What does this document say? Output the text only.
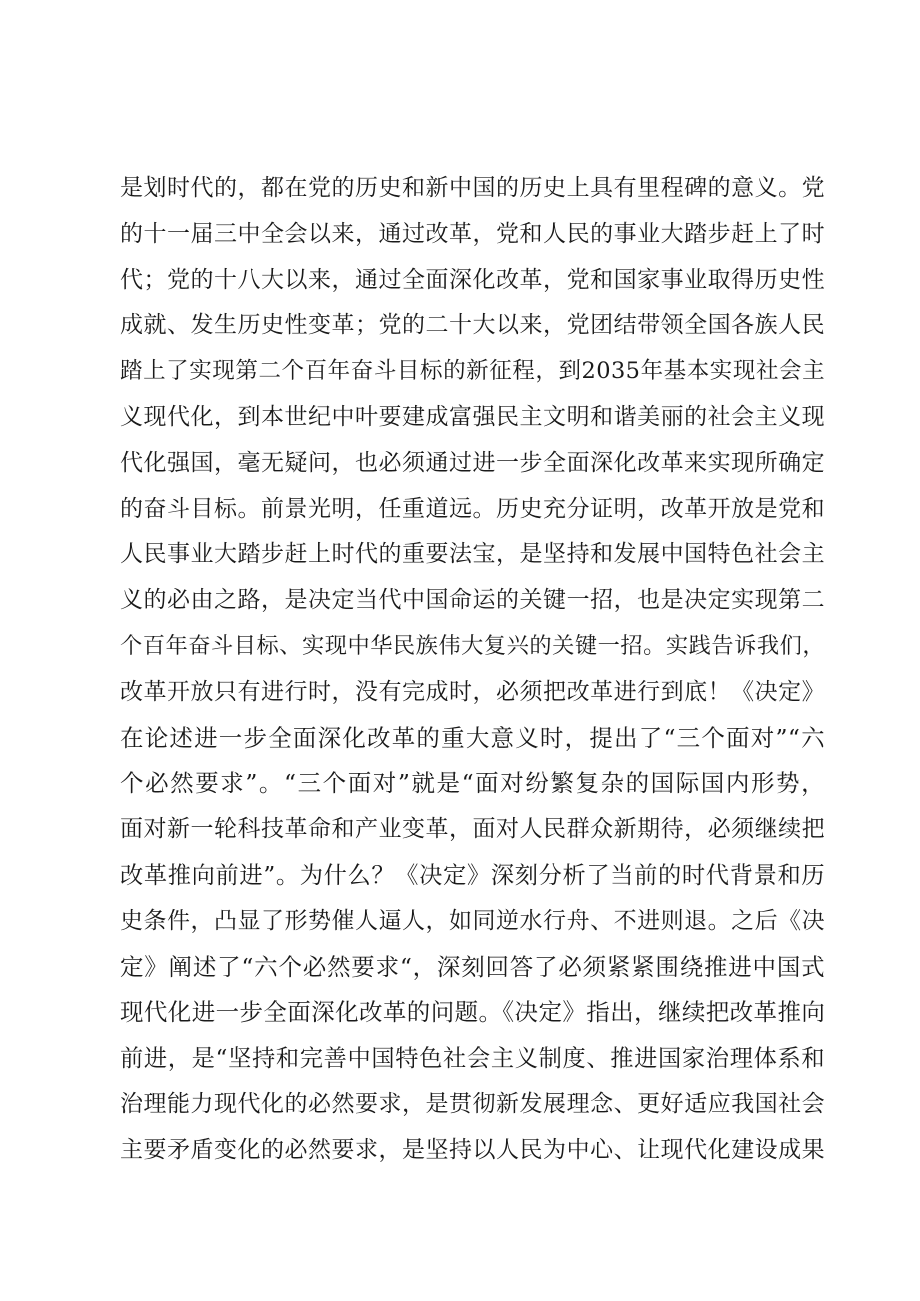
是划时代的，都在党的历史和新中国的历史上具有里程碑的意义。党
的十一届三中全会以来，通过改革，党和人民的事业大踏步赶上了时
代；党的十八大以来，通过全面深化改革，党和国家事业取得历史性
成就、发生历史性变革；党的二十大以来，党团结带领全国各族人民
踏上了实现第二个百年奋斗目标的新征程，到2035年基本实现社会主
义现代化，到本世纪中叶要建成富强民主文明和谐美丽的社会主义现
代化强国，毫无疑问，也必须通过进一步全面深化改革来实现所确定
的奋斗目标。前景光明，任重道远。历史充分证明，改革开放是党和
人民事业大踏步赶上时代的重要法宝，是坚持和发展中国特色社会主
义的必由之路，是决定当代中国命运的关键一招，也是决定实现第二
个百年奋斗目标、实现中华民族伟大复兴的关键一招。实践告诉我们，
改革开放只有进行时，没有完成时，必须把改革进行到底！《决定》
在论述进一步全面深化改革的重大意义时，提出了“三个面对”“六
个必然要求”。“三个面对”就是“面对纷繁复杂的国际国内形势，
面对新一轮科技革命和产业变革，面对人民群众新期待，必须继续把
改革推向前进”。为什么？《决定》深刻分析了当前的时代背景和历
史条件，凸显了形势催人逼人，如同逆水行舟、不进则退。之后《决
定》阐述了“六个必然要求“，深刻回答了必须紧紧围绕推进中国式
现代化进一步全面深化改革的问题。《决定》指出，继续把改革推向
前进，是“坚持和完善中国特色社会主义制度、推进国家治理体系和
治理能力现代化的必然要求，是贯彻新发展理念、更好适应我国社会
主要矛盾变化的必然要求，是坚持以人民为中心、让现代化建设成果
